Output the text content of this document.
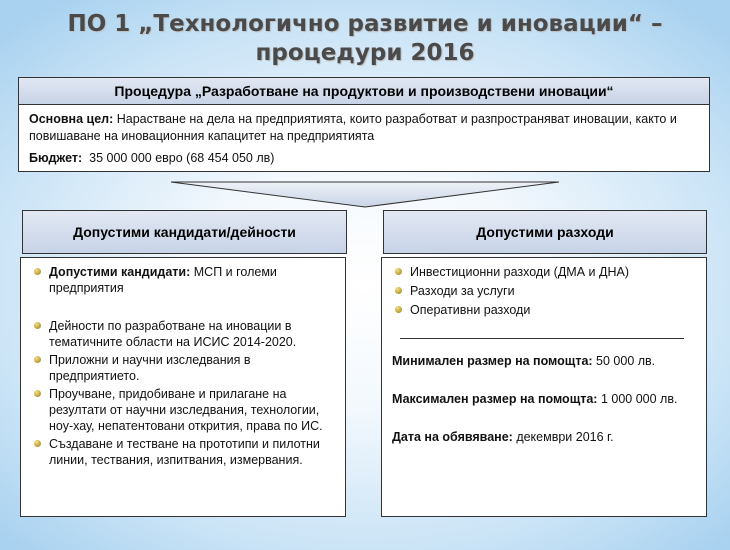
ПО 1 „Технологично развитие и иновации“ –
процедури 2016
Процедура „Разработване на продуктови и производствени иновации“

Основна цел: Нарастване на дела на предприятията, които разработват и разпространяват иновации, както и повишаване на иновационния капацитет на предприятията

Бюджет: 35 000 000 евро (68 454 050 лв)

Допустими кандидати/дейности	Допустими разходи
Допустими кандидати: МСП и големи предприятия
Дейности по разработване на иновации в тематичните области на ИСИС 2014-2020.
Приложни и научни изследвания в предприятието.
Проучване, придобиване и прилагане на резултати от научни изследвания, технологии, ноу-хау, непатентовани открития, права по ИС.
Създаване и тестване на прототипи и пилотни линии, тествания, изпитвания, измервания.
Инвестиционни разходи (ДМА и ДНА)
Разходи за услуги
Оперативни разходи

Минимален размер на помощта: 50 000 лв.

Максимален размер на помощта: 1 000 000 лв.

Дата на обявяване: декември 2016 г.
